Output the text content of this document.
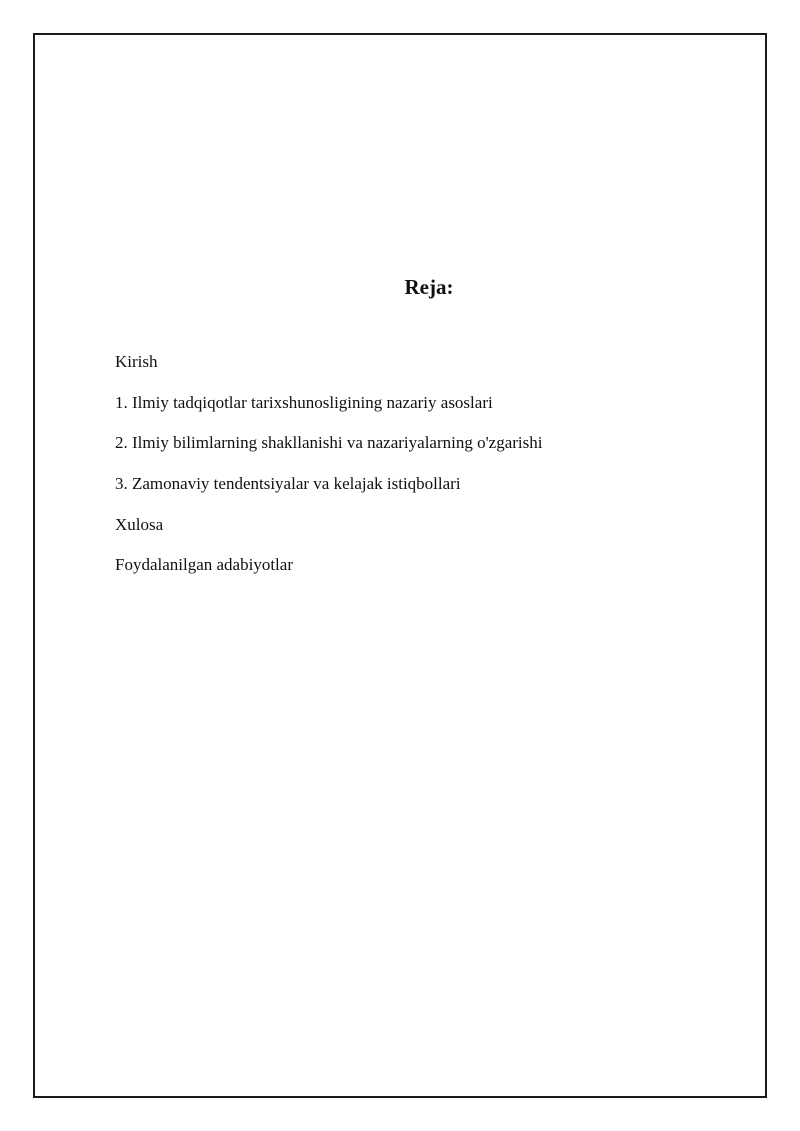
Reja:
Kirish
1. Ilmiy tadqiqotlar tarixshunosligining nazariy asoslari
2. Ilmiy bilimlarning shakllanishi va nazariyalarning o'zgarishi
3. Zamonaviy tendentsiyalar va kelajak istiqbollari
Xulosa
Foydalanilgan adabiyotlar
